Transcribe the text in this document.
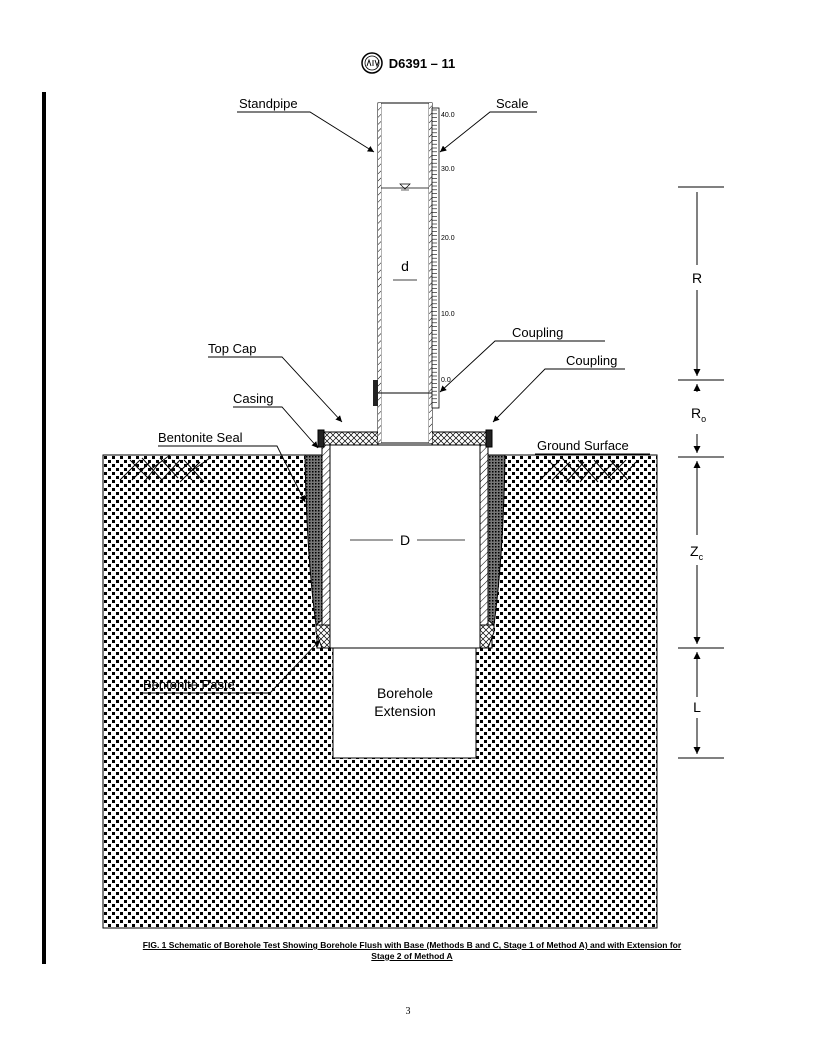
D6391 – 11
Standpipe	Scale
Coupling
Coupling
Top Cap
Casing
Bentonite Seal
Ground Surface
Bentonite Paste
Borehole
Extension
d
D
R
$R_o$
$Z_c$
L
40.0
30.0
20.0
10.0
0.0
FIG. 1 Schematic of Borehole Test Showing Borehole Flush with Base (Methods B and C, Stage 1 of Method A) and with Extension for
Stage 2 of Method A
3
